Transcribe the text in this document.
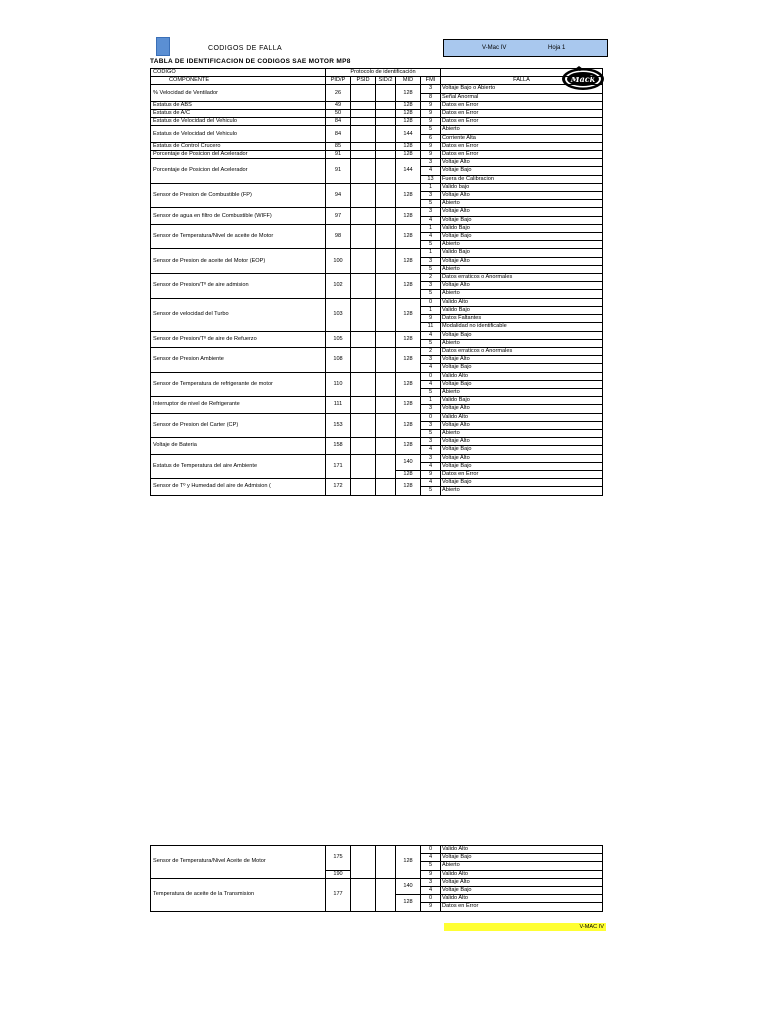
CODIGOS DE FALLA	V-Mac IV	Hoja 1
TABLA DE IDENTIFICACION DE CODIGOS SAE MOTOR MP8
Mack
CODIGO	Protocolo de identificación					
COMPONENTE	PID/P	PSID	SID/2	MID	FMI	FALLA
% Velocidad de Ventilador	26			128	3	Voltaje Bajo o Abierto
					8	Señal Anormal
Estatus de ABS	49			128	9	Datos en Error
Estatus de A/C	50			128	9	Datos en Error
Estatus de Velocidad del Vehiculo	84			128	9	Datos en Error
Estatus de Velocidad del Vehiculo	84			144	5	Abierto
					6	Corriente Alta
Estatus de Control Crucero	85			128	9	Datos en Error
Porcentaje de Posicion del Acelerador	91			128	9	Datos en Error
Porcentaje de Posicion del Acelerador	91			144	3	Voltaje Alto
					4	Voltaje Bajo
					13	Fuera de Calibracion
Sensor de Presion de Combustible (FP)	94			128	1	Valido bajo
					3	Voltaje Alto
					5	Abierto
Sensor de agua en filtro de Combustible (WIFF)	97			128	3	Voltaje Alto
					4	Voltaje Bajo
Sensor de Temperatura/Nivel de aceite de Motor	98			128	1	Valido Bajo
					4	Voltaje Bajo
					5	Abierto
Sensor de Presion de aceite del Motor (EOP)	100			128	1	Valido Bajo
					3	Voltaje Alto
					5	Abierto
Sensor de Presion/Tº de aire admision	102			128	2	Datos erraticos o Anormales
					3	Voltaje Alto
					5	Abierto
Sensor de velocidad del Turbo	103			128	0	Valido Alto
					1	Valido Bajo
					9	Datos Faltantes
					11	Modalidad no identificable
Sensor de Presion/Tº de aire de Refuerzo	105			128	4	Voltaje Bajo
					5	Abierto
Sensor de Presion Ambiente	108			128	2	Datos erraticos o Anormales
					3	Voltaje Alto
					4	Voltaje Bajo
Sensor de Temperatura de refrigerante de motor	110			128	0	Valido Alto
					4	Voltaje Bajo
					5	Abierto
Interruptor de nivel de Refrigerante	111			128	1	Valido Bajo
					3	Voltaje Alto
Sensor de Presion del Carter (CP)	153			128	0	Valido Alto
					3	Voltaje Alto
					5	Abierto
Voltaje de Bateria	158			128	3	Voltaje Alto
					4	Voltaje Bajo
Estatus de Temperatura del aire Ambiente	171			140	3	Voltaje Alto
					4	Voltaje Bajo
				128	9	Datos en Error
Sensor de Tº y Humedad del aire de Admision (	172			128	4	Voltaje Bajo
					5	Abierto
Sensor de Temperatura/Nivel Aceite de Motor	175			128	0	Valido Alto
					4	Voltaje Bajo
					5	Abierto
	190				9	Valido Alto
Temperatura de aceite de la Transmision	177			140	3	Voltaje Alto
					4	Voltaje Bajo
				128	0	Valido Alto
					9	Datos en Error
V-MAC IV
